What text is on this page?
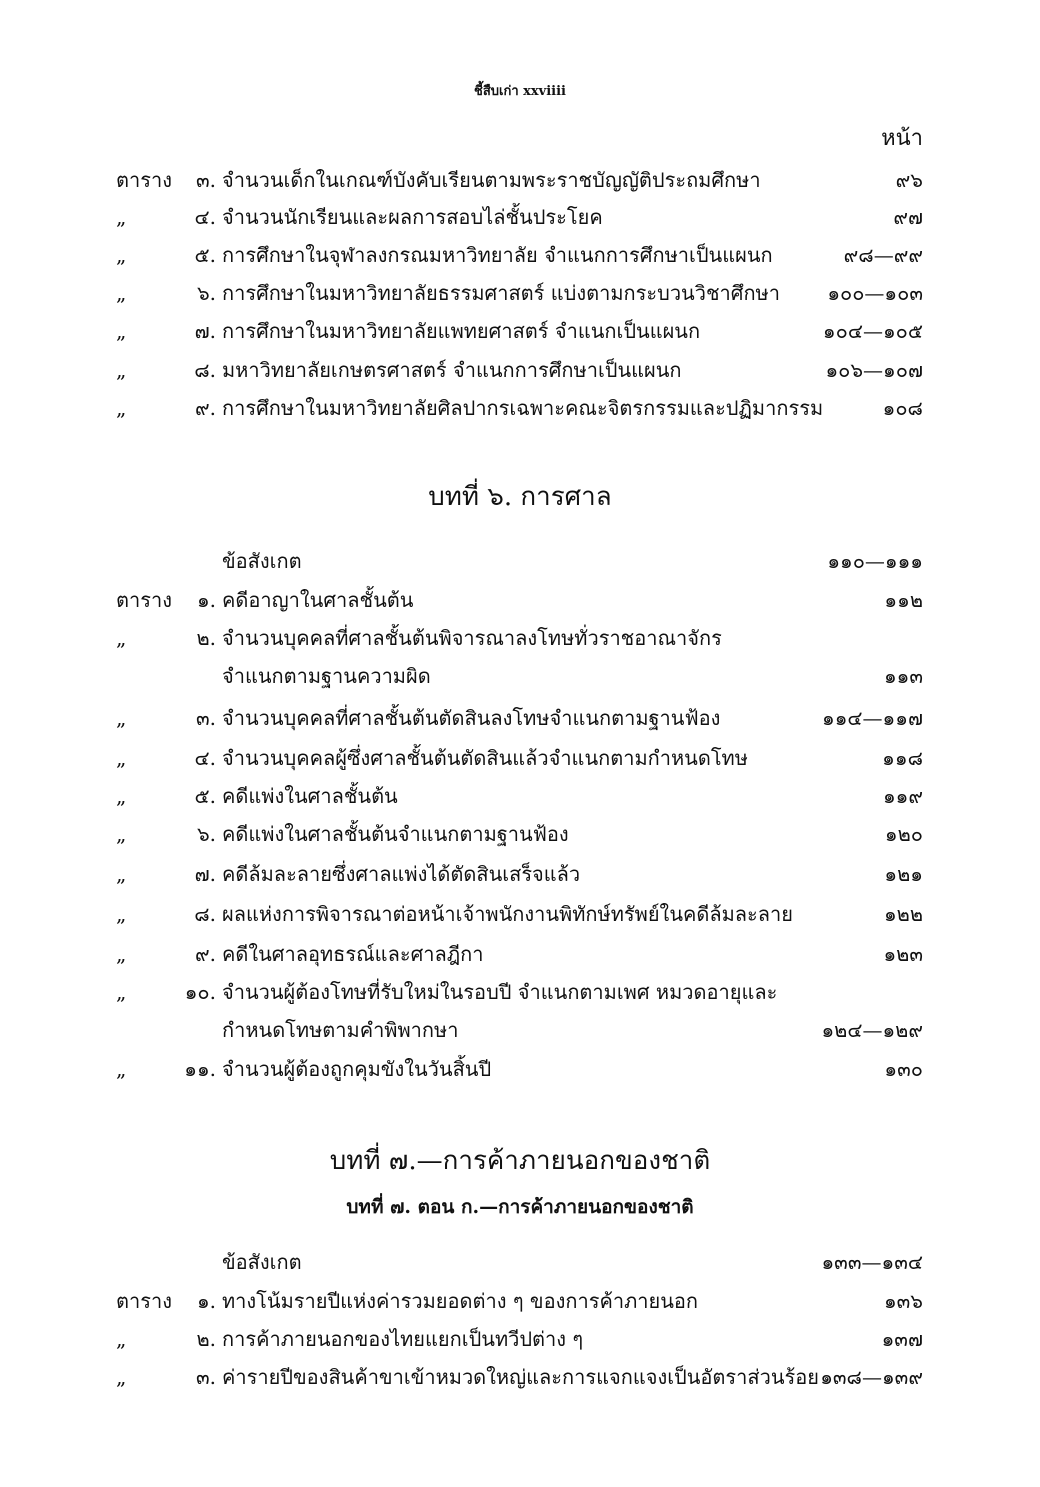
ชี้สืบเก่า xxviiii
หน้า
ตาราง	๓. จำนวนเด็กในเกณฑ์บังคับเรียนตามพระราชบัญญัติประถมศึกษา	๙๖
„	๔. จำนวนนักเรียนและผลการสอบไล่ชั้นประโยค	๙๗
„	๕. การศึกษาในจุฬาลงกรณมหาวิทยาลัย จำแนกการศึกษาเป็นแผนก	๙๘—๙๙
„	๖. การศึกษาในมหาวิทยาลัยธรรมศาสตร์ แบ่งตามกระบวนวิชาศึกษา ๑๐๐—๑๐๓
„	๗. การศึกษาในมหาวิทยาลัยแพทยศาสตร์ จำแนกเป็นแผนก	๑๐๔—๑๐๕
„	๘. มหาวิทยาลัยเกษตรศาสตร์ จำแนกการศึกษาเป็นแผนก	๑๐๖—๑๐๗
„	๙. การศึกษาในมหาวิทยาลัยศิลปากรเฉพาะคณะจิตรกรรมและปฏิมากรรม	๑๐๘
บทที่ ๖. การศาล
ข้อสังเกต	๑๑๐—๑๑๑
ตาราง	๑. คดีอาญาในศาลชั้นต้น	๑๑๒
„	๒. จำนวนบุคคลที่ศาลชั้นต้นพิจารณาลงโทษทั่วราชอาณาจักร
จำแนกตามฐานความผิด	๑๑๓
„	๓. จำนวนบุคคลที่ศาลชั้นต้นตัดสินลงโทษจำแนกตามฐานฟ้อง	๑๑๔—๑๑๗
„	๔. จำนวนบุคคลผู้ซึ่งศาลชั้นต้นตัดสินแล้วจำแนกตามกำหนดโทษ	๑๑๘
„	๕. คดีแพ่งในศาลชั้นต้น	๑๑๙
„	๖. คดีแพ่งในศาลชั้นต้นจำแนกตามฐานฟ้อง	๑๒๐
„	๗. คดีล้มละลายซึ่งศาลแพ่งได้ตัดสินเสร็จแล้ว	๑๒๑
„	๘. ผลแห่งการพิจารณาต่อหน้าเจ้าพนักงานพิทักษ์ทรัพย์ในคดีล้มละลาย	๑๒๒
„	๙. คดีในศาลอุทธรณ์และศาลฎีกา	๑๒๓
„	๑๐. จำนวนผู้ต้องโทษที่รับใหม่ในรอบปี จำแนกตามเพศ หมวดอายุและ
กำหนดโทษตามคำพิพากษา	๑๒๔—๑๒๙
„	๑๑. จำนวนผู้ต้องถูกคุมขังในวันสิ้นปี	๑๓๐
บทที่ ๗.—การค้าภายนอกของชาติ
บทที่ ๗. ตอน ก.—การค้าภายนอกของชาติ
ข้อสังเกต	๑๓๓—๑๓๔
ตาราง	๑. ทางโน้มรายปีแห่งค่ารวมยอดต่าง ๆ ของการค้าภายนอก	๑๓๖
„	๒. การค้าภายนอกของไทยแยกเป็นทวีปต่าง ๆ	๑๓๗
„	๓. ค่ารายปีของสินค้าขาเข้าหมวดใหญ่และการแจกแจงเป็นอัตราส่วนร้อย ๑๓๘—๑๓๙
